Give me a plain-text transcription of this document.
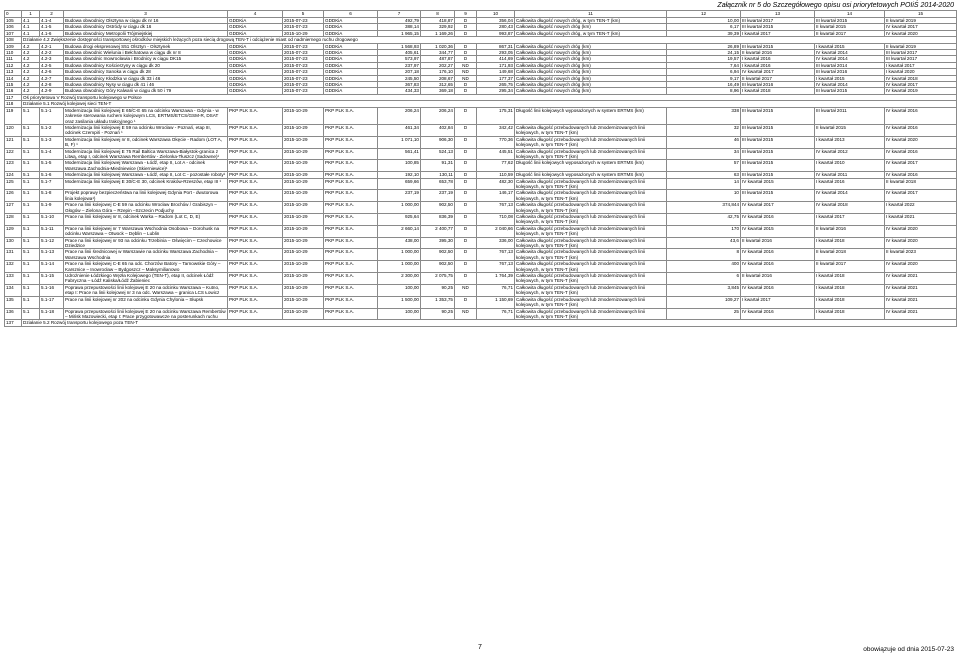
Załącznik nr 5 do Szczegółowego opisu osi priorytetowych POIiŚ 2014-2020
0	1	2	3	4	5	6	7	8	9	10	11	12	13	14	15
105	4.1	4.1-4	Budowa obwodnicy Olsztyna w ciągu dk nr 16	GDDKiA	2015-07-23	GDDKiA	492,79	418,87	D	356,04	Całkowita długość nowych dróg, w tym TEN-T (km)	10,00	III kwartał 2017	III kwartał 2015	II kwartał 2019
106	4.1	4.1-5	Budowa obwodnicy Ostródy w ciągu dk 16	GDDKiA	2015-07-23	GDDKiA	388,14	329,92	D	280,43	Całkowita długość nowych dróg (km)	6,17	III kwartał 2015	II kwartał 2015	IV kwartał 2017
107	4.1	4.1-6	Budowa obwodnicy Metropolii Trójmiejskiej	GDDKiA	2015-10-29	GDDKiA	1 965,15	1 169,26	D	993,87	Całkowita długość nowych dróg, w tym TEN-T (km)	39,39	I kwartał 2017	II kwartał 2017	IV kwartał 2020
108	Działanie 4.2 Zwiększenie dostępności transportowej ośrodków miejskich leżących poza siecią drogową TEN-T i odciążenie miast od nadmiernego ruchu drogowego														
109	4.2	4.2-1	Budowa drogi ekspresowej S51 Olsztyn - Olsztynek	GDDKiA	2015-07-23	GDDKiA	1 568,93	1 020,36	D	867,31	Całkowita długość nowych dróg (km)	26,89	III kwartał 2015	I kwartał 2015	II kwartał 2019
110	4.2	4.2-2	Budowa obwodnic Wielunia i Bełchatowa w ciągu dk nr 8	GDDKiA	2015-07-23	GDDKiA	405,61	344,77	D	293,05	Całkowita długość nowych dróg (km)	24,15	II kwartał 2016	IV kwartał 2014	III kwartał 2017
111	4.2	4.2-3	Budowa obwodnic Inowrocławia i Brodnicy w ciągu DK15	GDDKiA	2015-07-23	GDDKiA	573,97	487,87	D	414,69	Całkowita długość nowych dróg (km)	19,57	I kwartał 2016	IV kwartał 2014	III kwartał 2017
112	4.2	4.2-5	Budowa obwodnicy Kościerzyny w ciągu dk 20	GDDKiA	2015-07-23	GDDKiA	237,97	202,27	ND	171,93	Całkowita długość nowych dróg (km)	7,64	I kwartał 2016	III kwartał 2014	I kwartał 2017
113	4.2	4.2-6	Budowa obwodnicy Sanoka w ciągu dk 28	GDDKiA	2015-07-23	GDDKiA	207,18	176,10	ND	149,68	Całkowita długość nowych dróg (km)	6,94	IV kwartał 2017	III kwartał 2016	I kwartał 2020
114	4.2	4.2-7	Budowa obwodnicy Kłodzka w ciągu dk 33 i 46	GDDKiA	2015-07-23	GDDKiA	245,50	208,67	ND	177,37	Całkowita długość nowych dróg (km)	9,17	II kwartał 2017	I kwartał 2015	IV kwartał 2018
115	4.2	4.2-8	Budowa obwodnicy Nysy w ciągu dk 41 i 46	GDDKiA	2015-07-23	GDDKiA	367,83	312,65	D	265,75	Całkowita długość nowych dróg (km)	16,49	III kwartał 2016	IV kwartał 2014	IV kwartał 2017
116	4.2	4.2-9	Budowa obwodnicy Góry Kalwarii w ciągu dk 50 i 79	GDDKiA	2015-07-23	GDDKiA	434,33	369,18	D	295,34	Całkowita długość nowych dróg (km)	8,96	I kwartał 2018	III kwartał 2015	IV kwartał 2019
117	Oś priorytetowa V Rozwój transportu kolejowego w Polsce														
118	Działanie 5.1 Rozwój kolejowej sieci TEN-T														
119	5.1	5.1-1	Modernizacja linii kolejowej E 65/C-E 65 na odcinku Warszawa - Gdynia - w zakresie sterowania ruchem kolejowym LCS, ERTMS/ETCS/GSM-R, DSAT oraz zasilania układu trakcyjnego ¹	PKP PLK S.A.	2015-10-29	PKP PLK S.A.	206,24	206,24	D	175,31	Długość linii kolejowych wyposażonych w system ERTMS (km)	338	III kwartał 2015	III kwartał 2011	IV kwartał 2016
120	5.1	5.1-2	Modernizacja linii kolejowej E 59 na odcinku Wrocław - Poznań, etap III, odcinek Czempiń - Poznań ¹	PKP PLK S.A.	2015-10-29	PKP PLK S.A.	461,34	402,84	D	342,42	Całkowita długość przebudowanych lub zmodernizowanych linii kolejowych, w tym TEN-T (km)	32	III kwartał 2015	II kwartał 2015	IV kwartał 2016
121	5.1	5.1-3	Modernizacja linii kolejowej nr 8, odcinek Warszawa Okęcie - Radom (LOT A, B, F) ¹	PKP PLK S.A.	2015-10-29	PKP PLK S.A.	1 071,10	906,30	D	770,36	Całkowita długość przebudowanych lub zmodernizowanych linii kolejowych, w tym TEN-T (km)	46	III kwartał 2015	I kwartał 2013	IV kwartał 2020
122	5.1	5.1-4	Modernizacja linii kolejowej E 75 Rail Baltica Warszawa-Białystok-granica z Litwą, etap I, odcinek Warszawa Rembertów - Zielonka-Tłuszcz (Sadowne)¹	PKP PLK S.A.	2015-10-29	PKP PLK S.A.	561,41	524,13	D	445,51	Całkowita długość przebudowanych lub zmodernizowanych linii kolejowych, w tym TEN-T (km)	34	III kwartał 2015	IV kwartał 2012	IV kwartał 2016
123	5.1	5.1-5	Modernizacja linii kolejowej Warszawa - Łódź, etap II, Lot A - odcinek Warszawa Zachodnia-Miedniewice (Skierniewice)¹	PKP PLK S.A.	2015-10-29	PKP PLK S.A.	100,85	91,31	D	77,62	Długość linii kolejowych wyposażonych w system ERTMS (km)	57	III kwartał 2015	I kwartał 2010	IV kwartał 2017
124	5.1	5.1-6	Modernizacja linii kolejowej Warszawa - Łódź, etap II, Lot C - pozostałe roboty¹	PKP PLK S.A.	2015-10-29	PKP PLK S.A.	192,10	130,11	D	110,59	Długość linii kolejowych wyposażonych w system ERTMS (km)	63	III kwartał 2015	IV kwartał 2011	IV kwartał 2016
125	5.1	5.1-7	Modernizacja linii kolejowej E 30/C-E 30, odcinek Kraków-Rzeszów, etap III ¹	PKP PLK S.A.	2015-10-29	PKP PLK S.A.	659,66	653,78	D	482,30	Całkowita długość przebudowanych lub zmodernizowanych linii kolejowych, w tym TEN-T (km)	14	IV kwartał 2015	I kwartał 2016	II kwartał 2018
126	5.1	5.1-8	Projekt poprawy bezpieczeństwa na linii kolejowej Gdynia Port - dwutorowa linia kolejowa¹)	PKP PLK S.A.	2015-10-29	PKP PLK S.A.	237,19	237,19	D	146,17	Całkowita długość przebudowanych lub zmodernizowanych linii kolejowych, w tym TEN-T (km)	10	III kwartał 2015	IV kwartał 2014	IV kwartał 2017
127	5.1	5.1-9	Prace na linii kolejowej C-E 59 na odcinku Wrocław Brochów / Grabiszyn – Głogów – Zielona Góra – Rzepin –Szczecin Podjuchy	PKP PLK S.A.	2015-10-29	PKP PLK S.A.	1 000,00	902,50	D	767,13	Całkowita długość przebudowanych lub zmodernizowanych linii kolejowych, w tym TEN-T (km)	374,844	IV kwartał 2017	IV kwartał 2018	I kwartał 2022
128	5.1	5.1-10	Prace na linii kolejowej nr 8, odcinek Warka – Radom (Lot C, D, E)	PKP PLK S.A.	2015-10-29	PKP PLK S.A.	925,64	836,39	D	710,08	Całkowita długość przebudowanych lub zmodernizowanych linii kolejowych, w tym TEN-T (km)	42,75	IV kwartał 2016	I kwartał 2017	I kwartał 2021
129	5.1	5.1-11	Prace na linii kolejowej nr 7 Warszawa Wschodnia Osobowa – Dorohusk na odcinku Warszawa – Otwock – Dęblin – Lublin	PKP PLK S.A.	2015-10-29	PKP PLK S.A.	2 660,14	2 400,77	D	2 040,66	Całkowita długość przebudowanych lub zmodernizowanych linii kolejowych, w tym TEN-T (km)	170	IV kwartał 2015	II kwartał 2016	IV kwartał 2020
130	5.1	5.1-12	Prace na linii kolejowej nr 93 na odcinku Trzebinia – Oświęcim – Czechowice Dziedzice	PKP PLK S.A.	2015-10-29	PKP PLK S.A.	438,00	395,30	D	336,00	Całkowita długość przebudowanych lub zmodernizowanych linii kolejowych, w tym TEN-T (km)	43,6	II kwartał 2016	I kwartał 2018	IV kwartał 2020
131	5.1	5.1-13	Prace na linii średnicowej w Warszawie na odcinku Warszawa Zachodnia – Warszawa Wschodnia	PKP PLK S.A.	2015-10-29	PKP PLK S.A.	1 000,00	902,50	D	767,13	Całkowita długość przebudowanych lub zmodernizowanych linii kolejowych, w tym TEN-T (km)	8	IV kwartał 2016	II kwartał 2018	II kwartał 2023
132	5.1	5.1-14	Prace na linii kolejowej C-E 65 na odc. Chorzów Batory – Tarnowskie Góry – Karsznice – Inowrocław – Bydgoszcz – Maksymilianowo	PKP PLK S.A.	2015-10-29	PKP PLK S.A.	1 000,00	902,50	D	767,13	Całkowita długość przebudowanych lub zmodernizowanych linii kolejowych, w tym TEN-T (km)	400	IV kwartał 2016	II kwartał 2017	IV kwartał 2020
133	5.1	5.1-15	Udrożnienie Łódzkiego Węzła Kolejowego (TEN-T), etap II, odcinek Łódź Fabryczna – Łódź Kaliska/Łódź Żabieniec	PKP PLK S.A.	2015-10-29	PKP PLK S.A.	2 300,00	2 075,75	D	1 764,39	Całkowita długość przebudowanych lub zmodernizowanych linii kolejowych, w tym TEN-T (km)	6	II kwartał 2016	I kwartał 2018	IV kwartał 2021
134	5.1	5.1-16	Poprawa przepustowości linii kolejowej E 20 na odcinku Warszawa – Kutno, etap I: Prace na linii kolejowej nr 3 na odc. Warszawa – granica LCS Łowicz	PKP PLK S.A.	2015-10-29	PKP PLK S.A.	100,00	90,25	ND	76,71	Całkowita długość przebudowanych lub zmodernizowanych linii kolejowych, w tym TEN-T (km)	3,845	IV kwartał 2016	I kwartał 2018	IV kwartał 2021
135	5.1	5.1-17	Prace na linii kolejowej nr 202 na odcinku Gdynia Chylonia – Słupsk	PKP PLK S.A.	2015-10-29	PKP PLK S.A.	1 500,00	1 353,75	D	1 150,69	Całkowita długość przebudowanych lub zmodernizowanych linii kolejowych, w tym TEN-T (km)	109,27	I kwartał 2017	I kwartał 2018	IV kwartał 2021
136	5.1	5.1-18	Poprawa przepustowości linii kolejowej E 20 na odcinku Warszawa Rembertów – Mińsk Mazowiecki, etap I: Prace przygotowawcze na posterunkach ruchu	PKP PLK S.A.	2015-10-29	PKP PLK S.A.	100,00	90,25	ND	76,71	Całkowita długość przebudowanych lub zmodernizowanych linii kolejowych, w tym TEN-T (km)	25	IV kwartał 2016	I kwartał 2018	IV kwartał 2021
137	Działanie 5.2 Rozwój transportu kolejowego poza TEN-T														
7	obowiązuje od dnia 2015-07-23
